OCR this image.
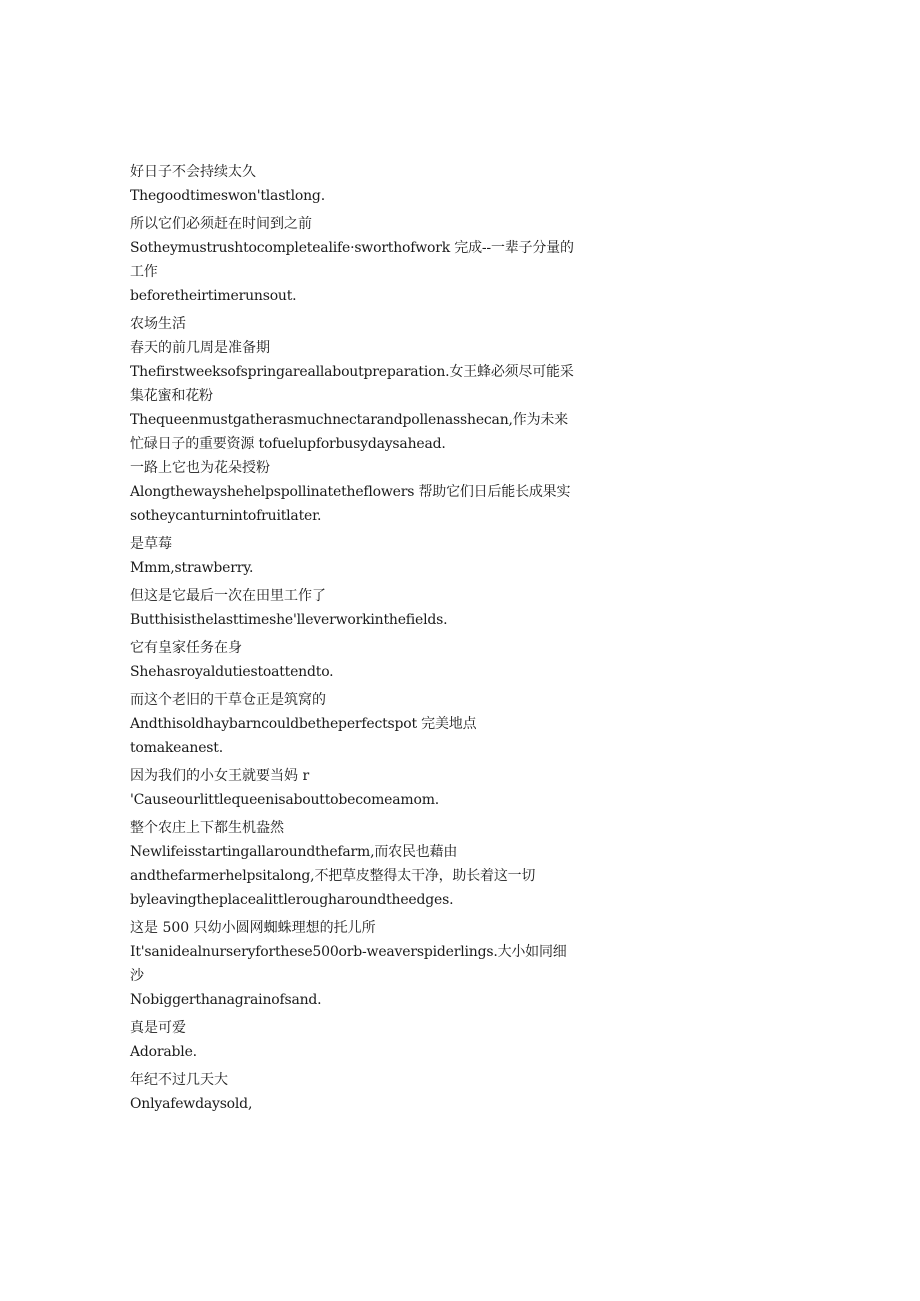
好日子不会持续太久

Thegoodtimeswon'tlastlong.

所以它们必须赶在时间到之前

Sotheymustrushtocompletealife·sworthofwork 完成--一辈子分量的工作

beforetheirtimerunsout.

农场生活

春天的前几周是准备期

Thefirstweeksofspringareallaboutpreparation.女王蜂必须尽可能采集花蜜和花粉

Thequeenmustgatherasmuchnectarandpollenasshecan,作为未来忙碌日子的重要资源 tofuelupforbusydaysahead.

一路上它也为花朵授粉

Alongthewayshehelpspollinatetheflowers 帮助它们日后能长成果实

sotheycanturnintofruitlater.

是草莓

Mmm,strawberry.

但这是它最后一次在田里工作了

Butthisisthelasttimeshe'lleverworkinthefields.

它有皇家任务在身

Shehasroyaldutiestoattendto.

而这个老旧的干草仓正是筑窝的

Andthisoldhaybarncouldbetheperfectspot 完美地点

tomakeanest.

因为我们的小女王就要当妈 r

'Causeourlittlequeenisabouttobecomeamom.

整个农庄上下都生机盎然

Newlifeisstartingallaroundthefarm,而农民也藉由

andthefarmerhelpsitalong,不把草皮整得太干净，助长着这一切

byleavingtheplacealittlerougharoundtheedges.

这是 500 只幼小圆网蜘蛛理想的托儿所

It'sanidealnurseryforthese500orb-weaverspiderlings.大小如同细沙

Nobiggerthanagrainofsand.

真是可爱

Adorable.

年纪不过几天大

Onlyafewdaysold,
